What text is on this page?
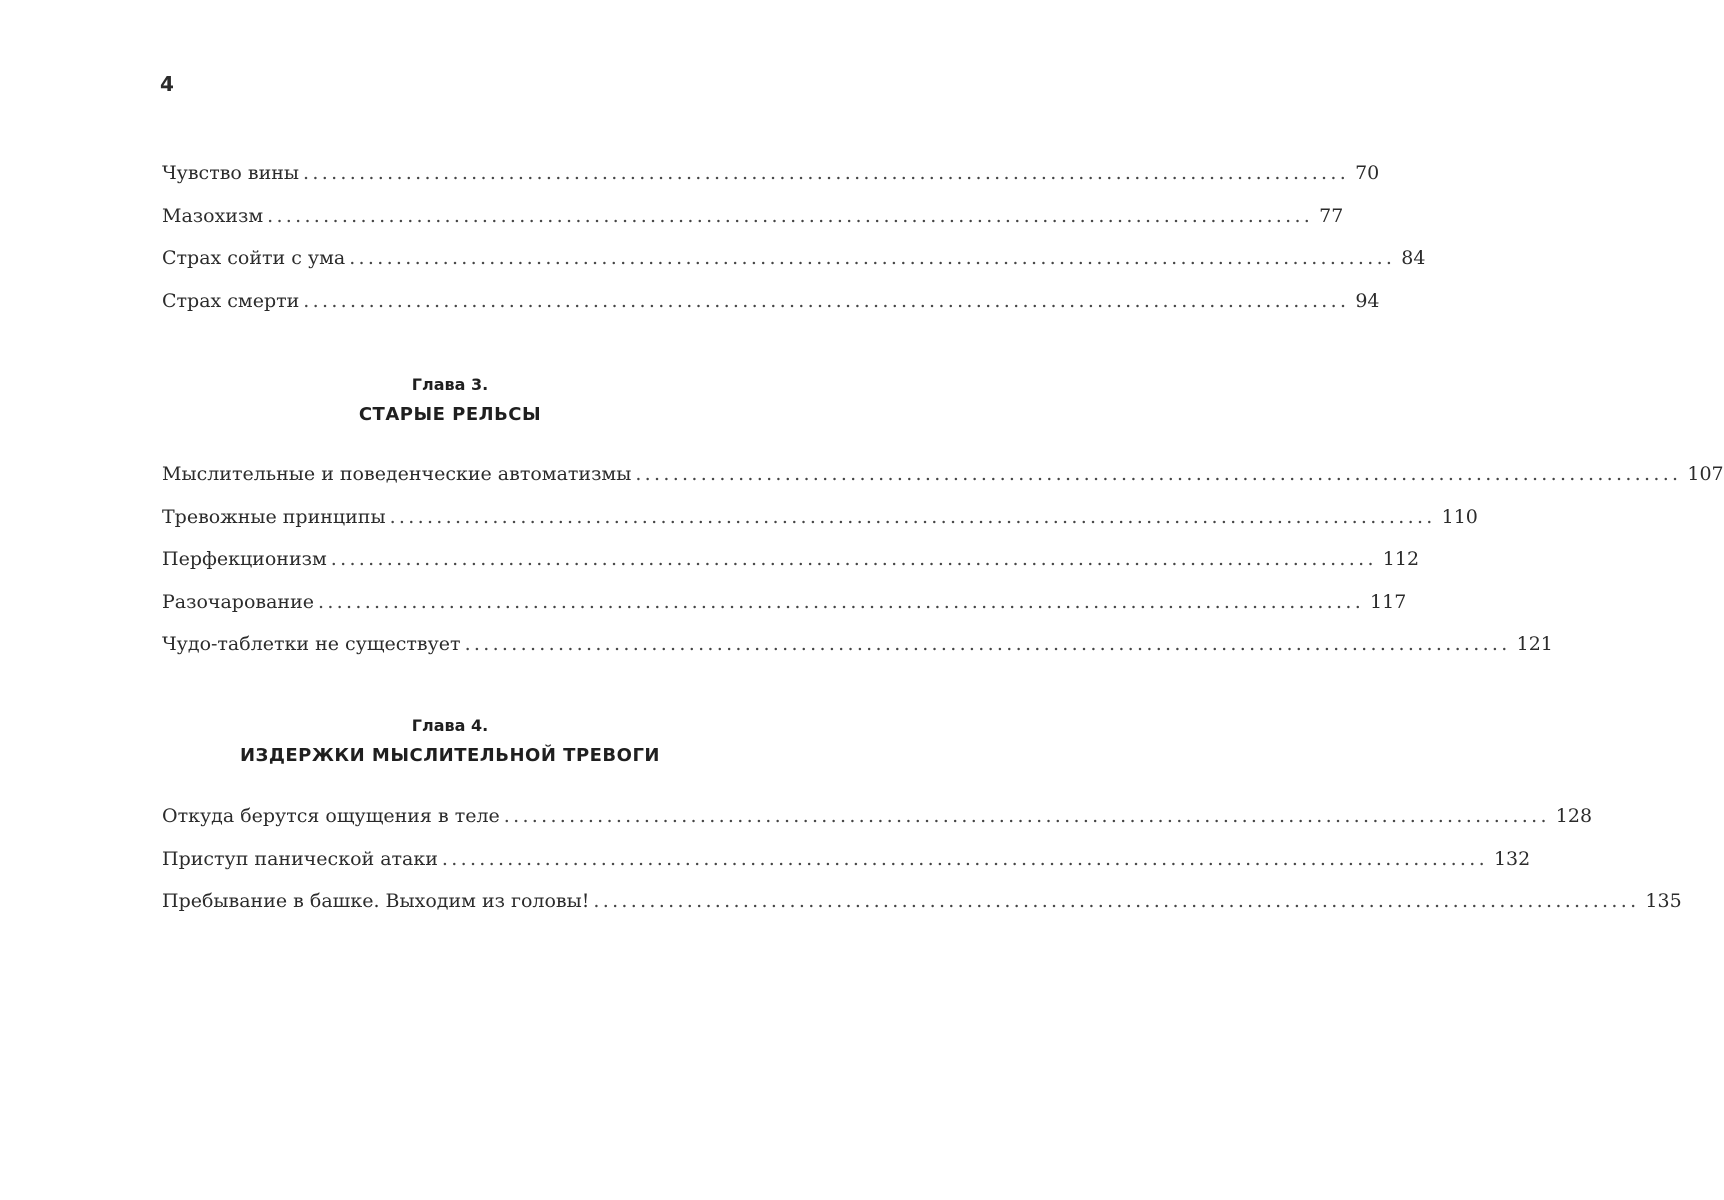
4
Чувство вины ................................................................................................................ 70
Мазохизм ................................................................................................................ 77
Страх сойти с ума ................................................................................................................ 84
Страх смерти ................................................................................................................ 94
Глава 3.
СТАРЫЕ РЕЛЬСЫ
Мыслительные и поведенческие автоматизмы ................................................................................................................ 107
Тревожные принципы ................................................................................................................ 110
Перфекционизм ................................................................................................................ 112
Разочарование ................................................................................................................ 117
Чудо-таблетки не существует ................................................................................................................ 121
Глава 4.
ИЗДЕРЖКИ МЫСЛИТЕЛЬНОЙ ТРЕВОГИ
Откуда берутся ощущения в теле ................................................................................................................ 128
Приступ панической атаки ................................................................................................................ 132
Пребывание в башке. Выходим из головы! ................................................................................................................ 135
